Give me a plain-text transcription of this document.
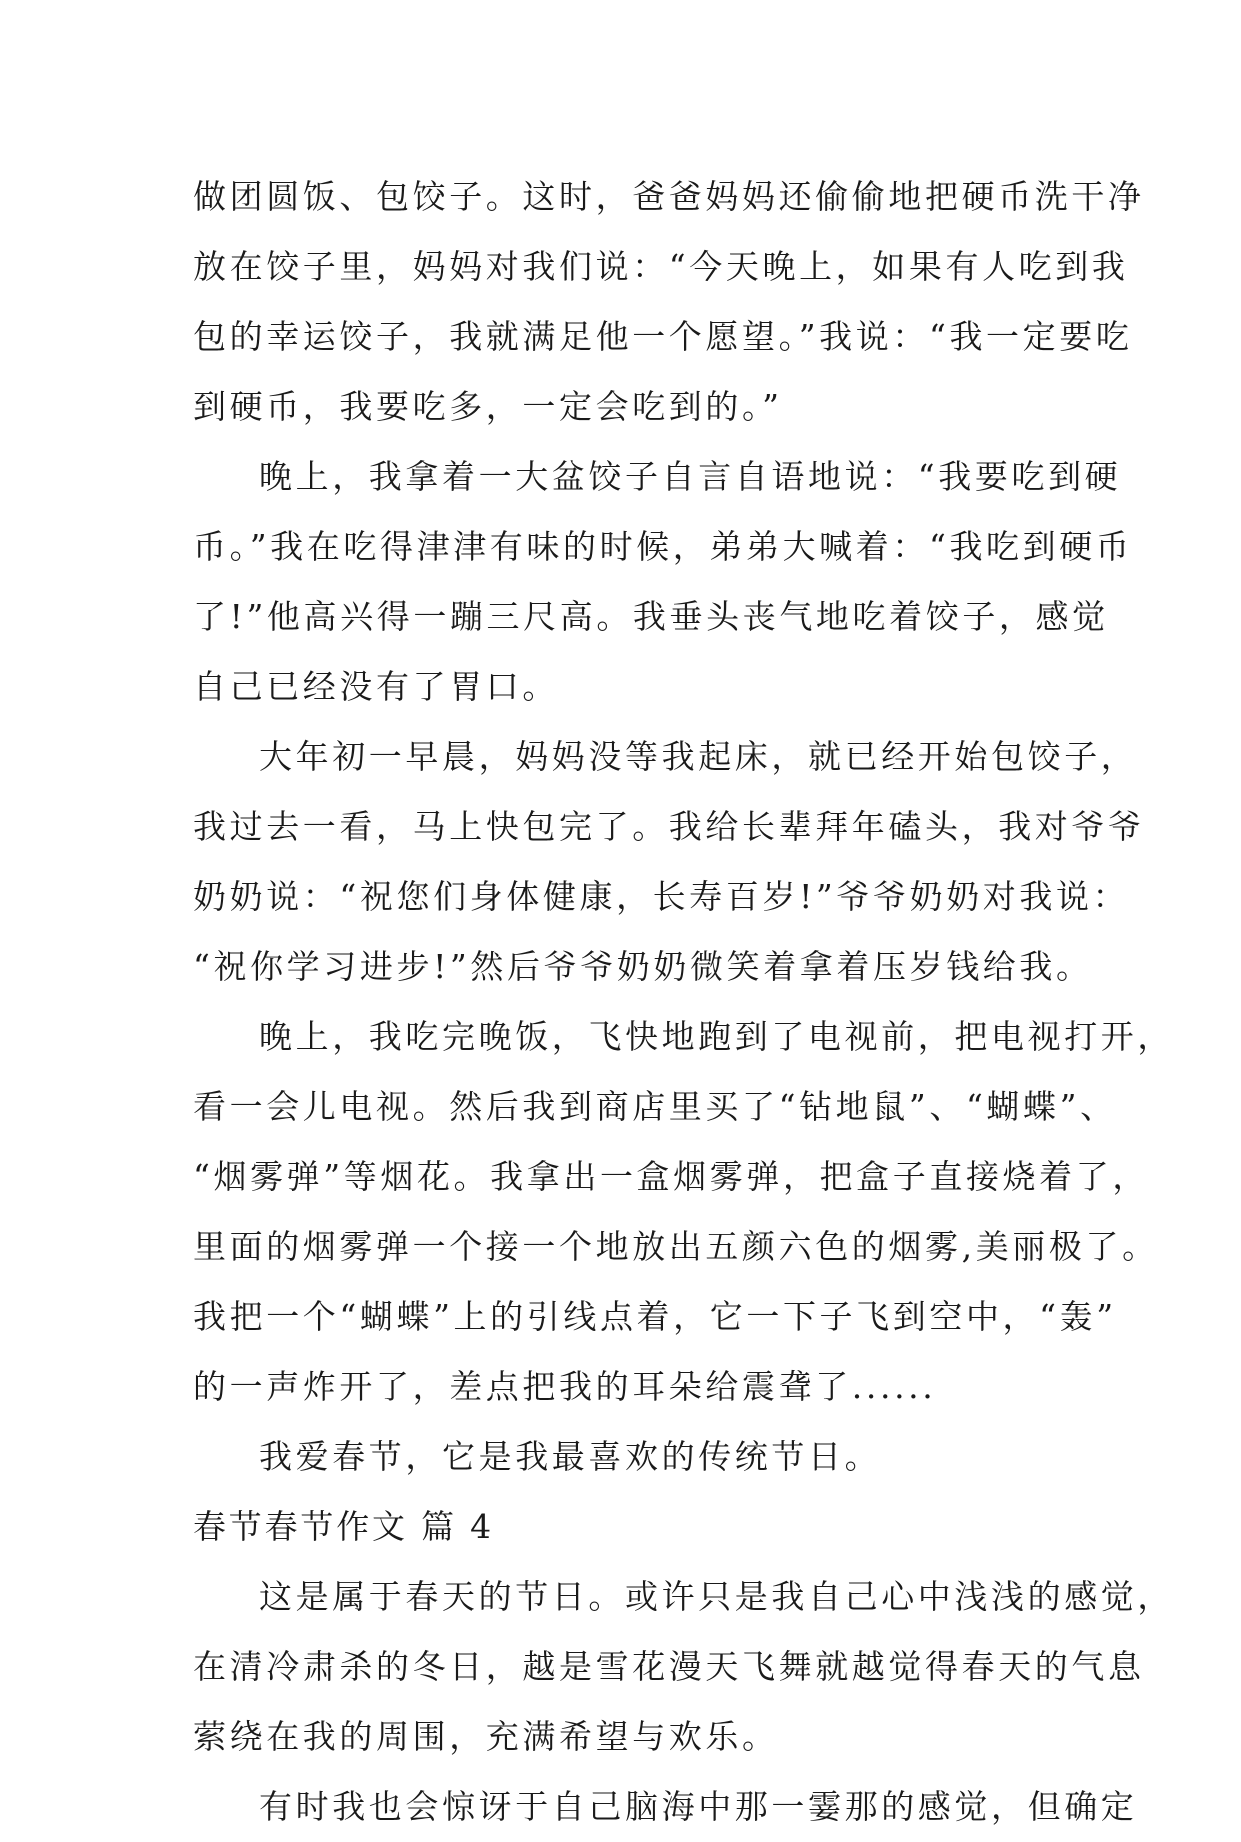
做团圆饭、包饺子。这时，爸爸妈妈还偷偷地把硬币洗干净
放在饺子里，妈妈对我们说：“今天晚上，如果有人吃到我
包的幸运饺子，我就满足他一个愿望。”我说：“我一定要吃
到硬币，我要吃多，一定会吃到的。”
晚上，我拿着一大盆饺子自言自语地说：“我要吃到硬
币。”我在吃得津津有味的时候，弟弟大喊着：“我吃到硬币
了!”他高兴得一蹦三尺高。我垂头丧气地吃着饺子，感觉
自己已经没有了胃口。
大年初一早晨，妈妈没等我起床，就已经开始包饺子，
我过去一看，马上快包完了。我给长辈拜年磕头，我对爷爷
奶奶说：“祝您们身体健康，长寿百岁!”爷爷奶奶对我说：
“祝你学习进步!”然后爷爷奶奶微笑着拿着压岁钱给我。
晚上，我吃完晚饭，飞快地跑到了电视前，把电视打开，
看一会儿电视。然后我到商店里买了“钻地鼠”、“蝴蝶”、
“烟雾弹”等烟花。我拿出一盒烟雾弹，把盒子直接烧着了，
里面的烟雾弹一个接一个地放出五颜六色的烟雾,美丽极了。
我把一个“蝴蝶”上的引线点着，它一下子飞到空中，“轰”
的一声炸开了，差点把我的耳朵给震聋了......
我爱春节，它是我最喜欢的传统节日。
春节春节作文 篇 4
这是属于春天的节日。或许只是我自己心中浅浅的感觉，
在清冷肃杀的冬日，越是雪花漫天飞舞就越觉得春天的气息
萦绕在我的周围，充满希望与欢乐。
有时我也会惊讶于自己脑海中那一霎那的感觉，但确定
